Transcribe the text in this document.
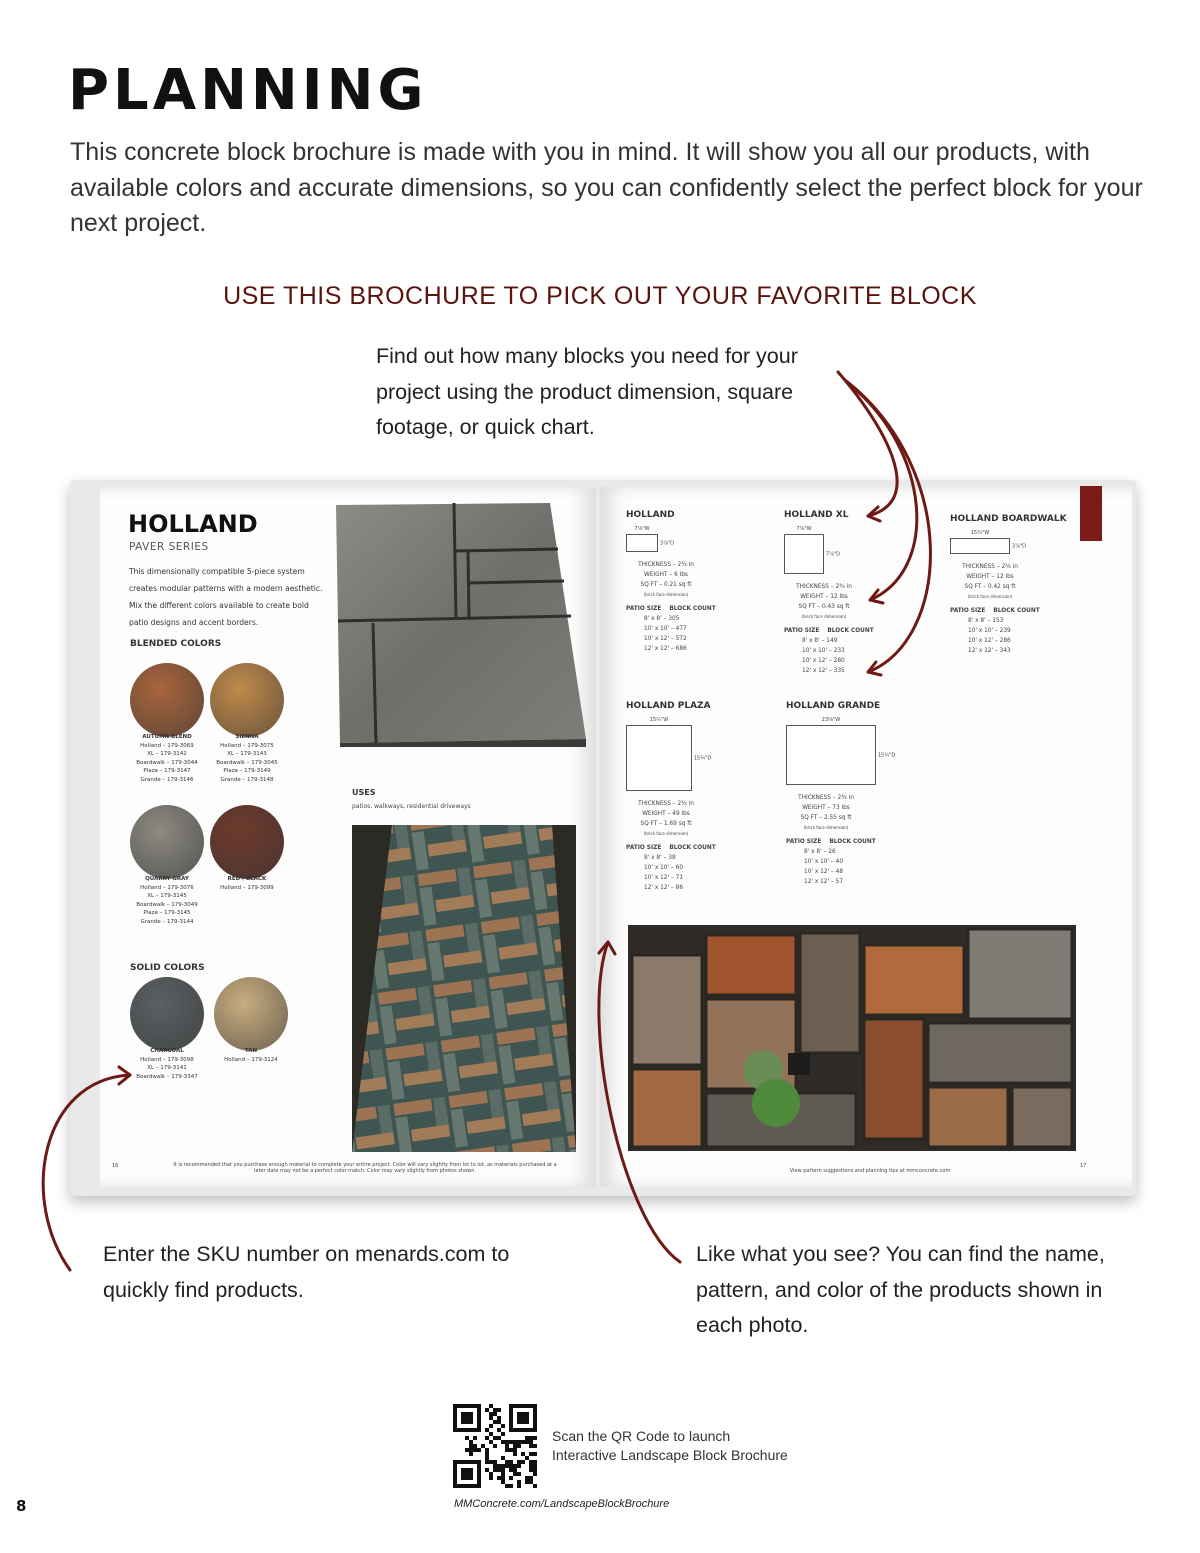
PLANNING
This concrete block brochure is made with you in mind. It will show you all our products, with available colors and accurate dimensions, so you can confidently select the perfect block for your next project.
USE THIS BROCHURE TO PICK OUT YOUR FAVORITE BLOCK
Find out how many blocks you need for your project using the product dimension, square footage, or quick chart.
HOLLAND
PAVER SERIES
This dimensionally compatible 5-piece system creates modular patterns with a modern aesthetic. Mix the different colors available to create bold patio designs and accent borders.
BLENDED COLORS
SOLID COLORS
AUTUMN BLEND
Holland – 179-3069
XL – 179-3142
Boardwalk – 179-3044
Plaza – 179-3147
Grande – 179-3146
SIENNA
Holland – 179-3075
XL – 179-3143
Boardwalk – 179-3045
Plaza – 179-3149
Grande – 179-3148
QUARRY GRAY
Holland – 179-3076
XL – 179-3145
Boardwalk – 179-3049
Plaza – 179-3145
Grande – 179-3144
RED / BLACK
Holland – 179-3099
CHARCOAL
Holland – 179-3098
XL – 179-3141
Boardwalk – 179-3347
TAN
Holland – 179-3124
USES
patios, walkways, residential driveways
16	It is recommended that you purchase enough material to complete your entire project. Color will vary slightly from lot to lot, as materials purchased at a later date may not be a perfect color match. Color may vary slightly from photos shown.
HOLLAND
7⅞"W
3⅞"D
THICKNESS – 2⅜ in
WEIGHT – 6 lbs
SQ FT – 0.21 sq ft
(brick face dimension)
PATIO SIZE BLOCK COUNT
8' x 8' – 305
10' x 10' – 477
10' x 12' – 572
12' x 12' – 686
HOLLAND XL
7⅞"W
7⅞"D
THICKNESS – 2⅜ in
WEIGHT – 12 lbs
SQ FT – 0.43 sq ft
(brick face dimension)
PATIO SIZE BLOCK COUNT
8' x 8' – 149
10' x 10' – 233
10' x 12' – 280
12' x 12' – 335
HOLLAND BOARDWALK
15¾"W
3⅞"D
THICKNESS – 2⅜ in
WEIGHT – 12 lbs
SQ FT – 0.42 sq ft
(brick face dimension)
PATIO SIZE BLOCK COUNT
8' x 8' – 153
10' x 10' – 239
10' x 12' – 286
12' x 12' – 343
HOLLAND PLAZA
15¾"W
15¾"D
THICKNESS – 2⅜ in
WEIGHT – 49 lbs
SQ FT – 1.69 sq ft
(brick face dimension)
PATIO SIZE BLOCK COUNT
8' x 8' – 38
10' x 10' – 60
10' x 12' – 71
12' x 12' – 86
HOLLAND GRANDE
23⅝"W
15¾"D
THICKNESS – 2⅜ in
WEIGHT – 73 lbs
SQ FT – 2.55 sq ft
(brick face dimension)
PATIO SIZE BLOCK COUNT
8' x 8' – 26
10' x 10' – 40
10' x 12' – 48
12' x 12' – 57
17
View pattern suggestions and planning tips at mmconcrete.com
Enter the SKU number on menards.com to quickly find products.
Like what you see? You can find the name, pattern, and color of the products shown in each photo.
Scan the QR Code to launch
Interactive Landscape Block Brochure
MMConcrete.com/LandscapeBlockBrochure
8
